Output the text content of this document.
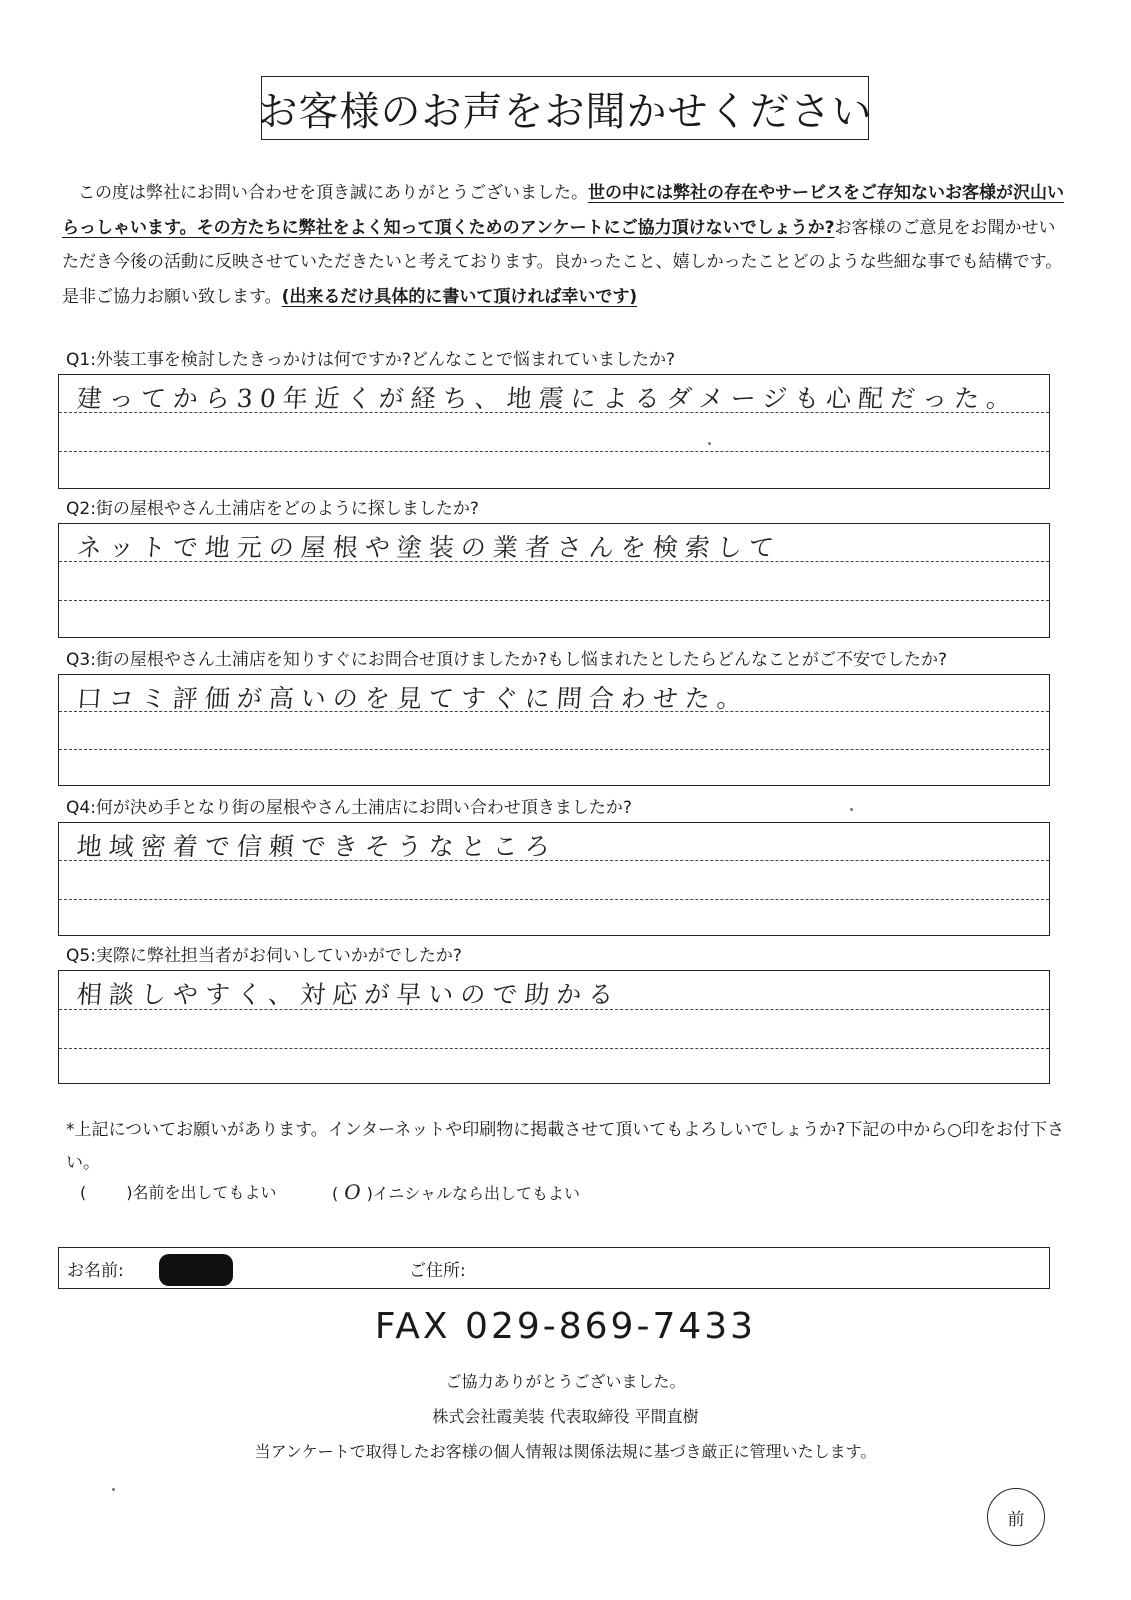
お客様のお声をお聞かせください
この度は弊社にお問い合わせを頂き誠にありがとうございました。世の中には弊社の存在やサービスをご存知ないお客様が沢山いらっしゃいます。その方たちに弊社をよく知って頂くためのアンケートにご協力頂けないでしょうか?お客様のご意見をお聞かせいただき今後の活動に反映させていただきたいと考えております。良かったこと、嬉しかったことどのような些細な事でも結構です。是非ご協力お願い致します。(出来るだけ具体的に書いて頂ければ幸いです)
Q1:外装工事を検討したきっかけは何ですか?どんなことで悩まれていましたか?
建ってから30年近くが経ち、地震によるダメージも心配だった。
Q2:街の屋根やさん土浦店をどのように探しましたか?
ネットで地元の屋根や塗装の業者さんを検索して
Q3:街の屋根やさん土浦店を知りすぐにお問合せ頂けましたか?もし悩まれたとしたらどんなことがご不安でしたか?
口コミ評価が高いのを見てすぐに問合わせた。
Q4:何が決め手となり街の屋根やさん土浦店にお問い合わせ頂きましたか?
地域密着で信頼できそうなところ
Q5:実際に弊社担当者がお伺いしていかがでしたか?
相談しやすく、対応が早いので助かる
*上記についてお願いがあります。インターネットや印刷物に掲載させて頂いてもよろしいでしょうか?下記の中から○印をお付下さい。
(	)名前を出してもよい	( O )イニシャルなら出してもよい
お名前:	ご住所:
FAX 029-869-7433
ご協力ありがとうございました。
株式会社霞美装 代表取締役 平間直樹
当アンケートで取得したお客様の個人情報は関係法規に基づき厳正に管理いたします。
前
